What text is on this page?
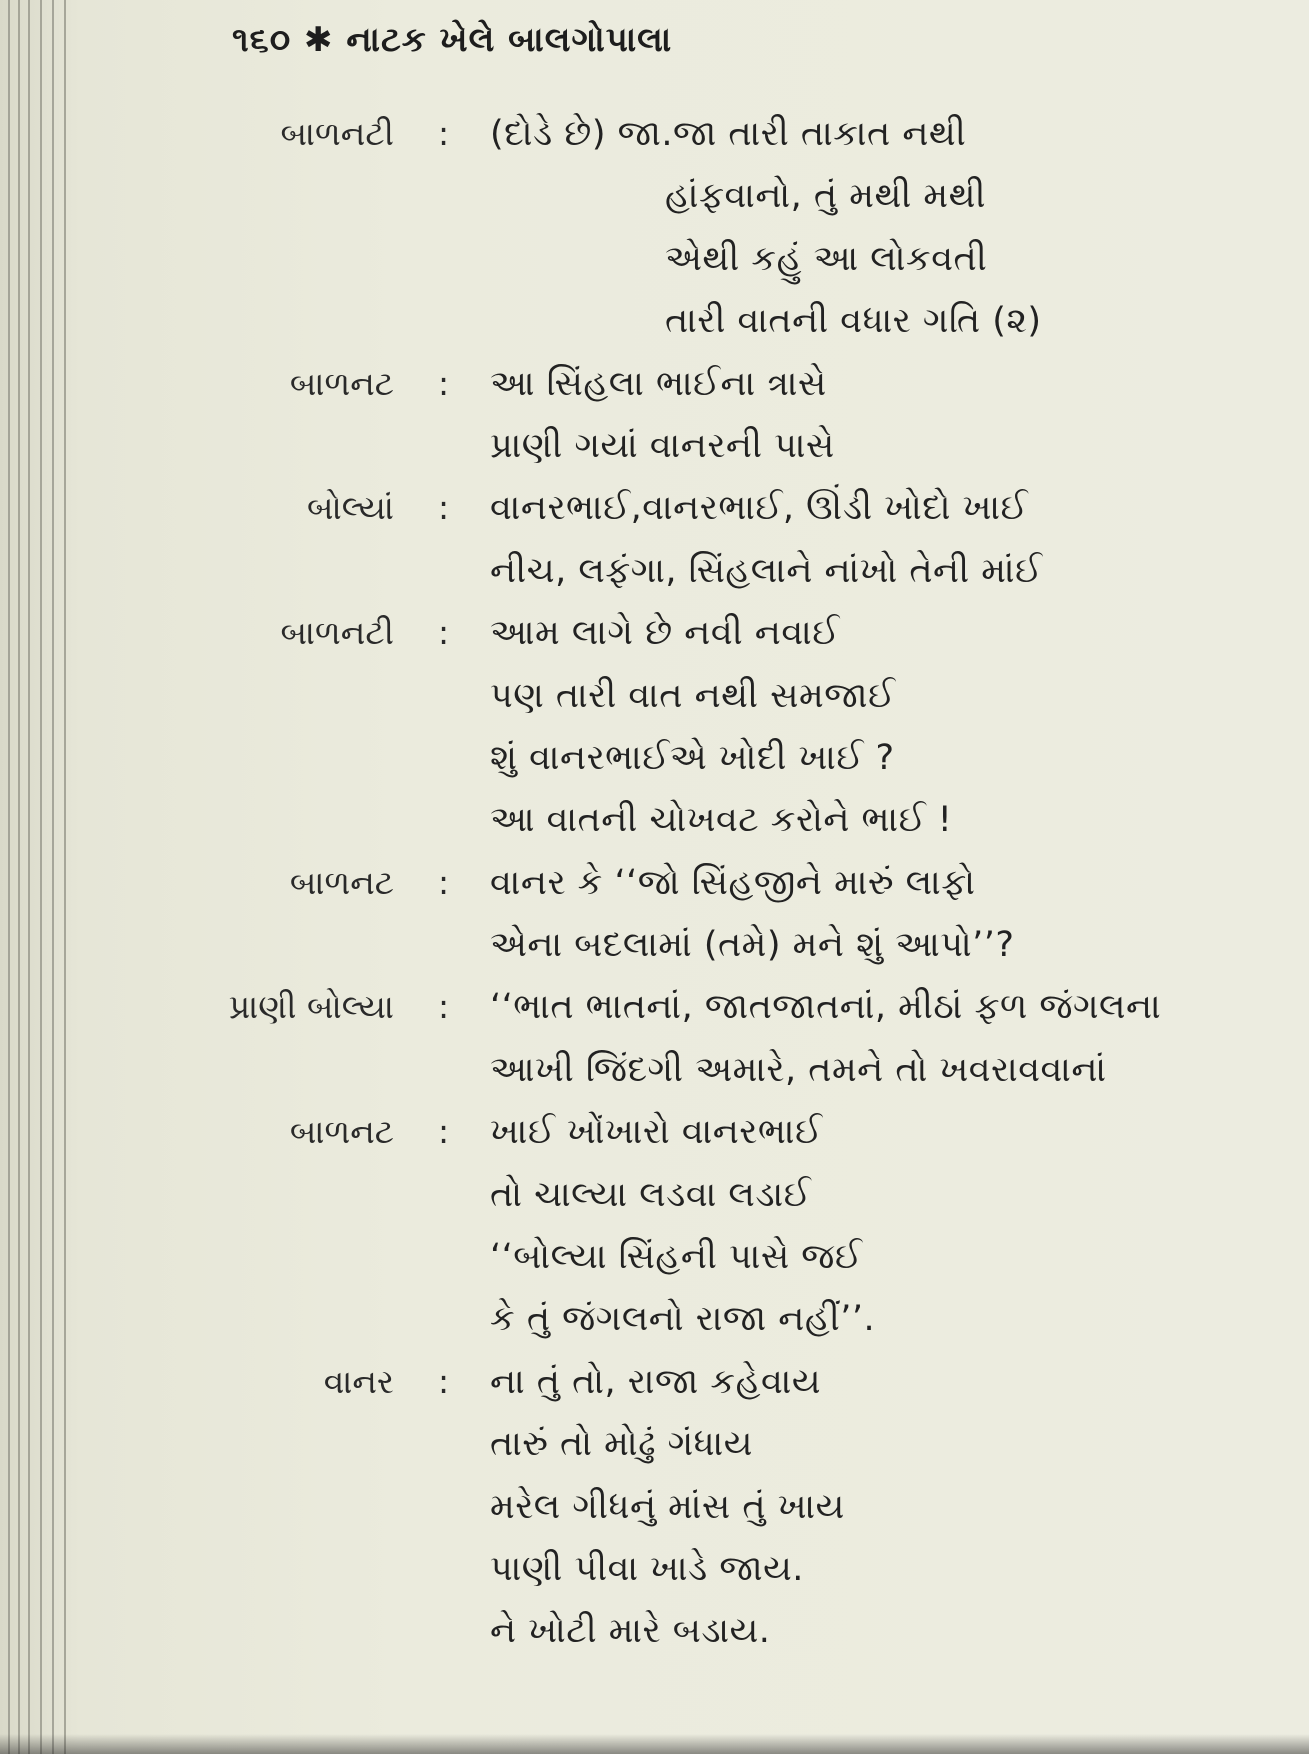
૧૬૦ ✱ નાટક ખેલે બાલગોપાલા
બાળનટી : (દોડે છે) જા.જા તારી તાકાત નથી
હાંફવાનો, તું મથી મથી
એથી કહું આ લોકવતી
તારી વાતની વધાર ગતિ (૨)
બાળનટ : આ સિંહલા ભાઈના ત્રાસે
પ્રાણી ગયાં વાનરની પાસે
બોલ્યાં : વાનરભાઈ,વાનરભાઈ, ઊંડી ખોદો ખાઈ
નીચ, લફંગા, સિંહલાને નાંખો તેની માંઈ
બાળનટી : આમ લાગે છે નવી નવાઈ
પણ તારી વાત નથી સમજાઈ
શું વાનરભાઈએ ખોદી ખાઈ ?
આ વાતની ચોખવટ કરોને ભાઈ !
બાળનટ : વાનર કે ‘‘જો સિંહજીને મારું લાફો
એના બદલામાં (તમે) મને શું આપો’’?
પ્રાણી બોલ્યા : ‘‘ભાત ભાતનાં, જાતજાતનાં, મીઠાં ફળ જંગલના
આખી જિંદગી અમારે, તમને તો ખવરાવવાનાં
બાળનટ : ખાઈ ખોંખારો વાનરભાઈ
તો ચાલ્યા લડવા લડાઈ
‘‘બોલ્યા સિંહની પાસે જઈ
કે તું જંગલનો રાજા નહીં’’.
વાનર : ના તું તો, રાજા કહેવાય
તારું તો મોઢું ગંધાય
મરેલ ગીધનું માંસ તું ખાય
પાણી પીવા ખાડે જાય.
ને ખોટી મારે બડાય.
